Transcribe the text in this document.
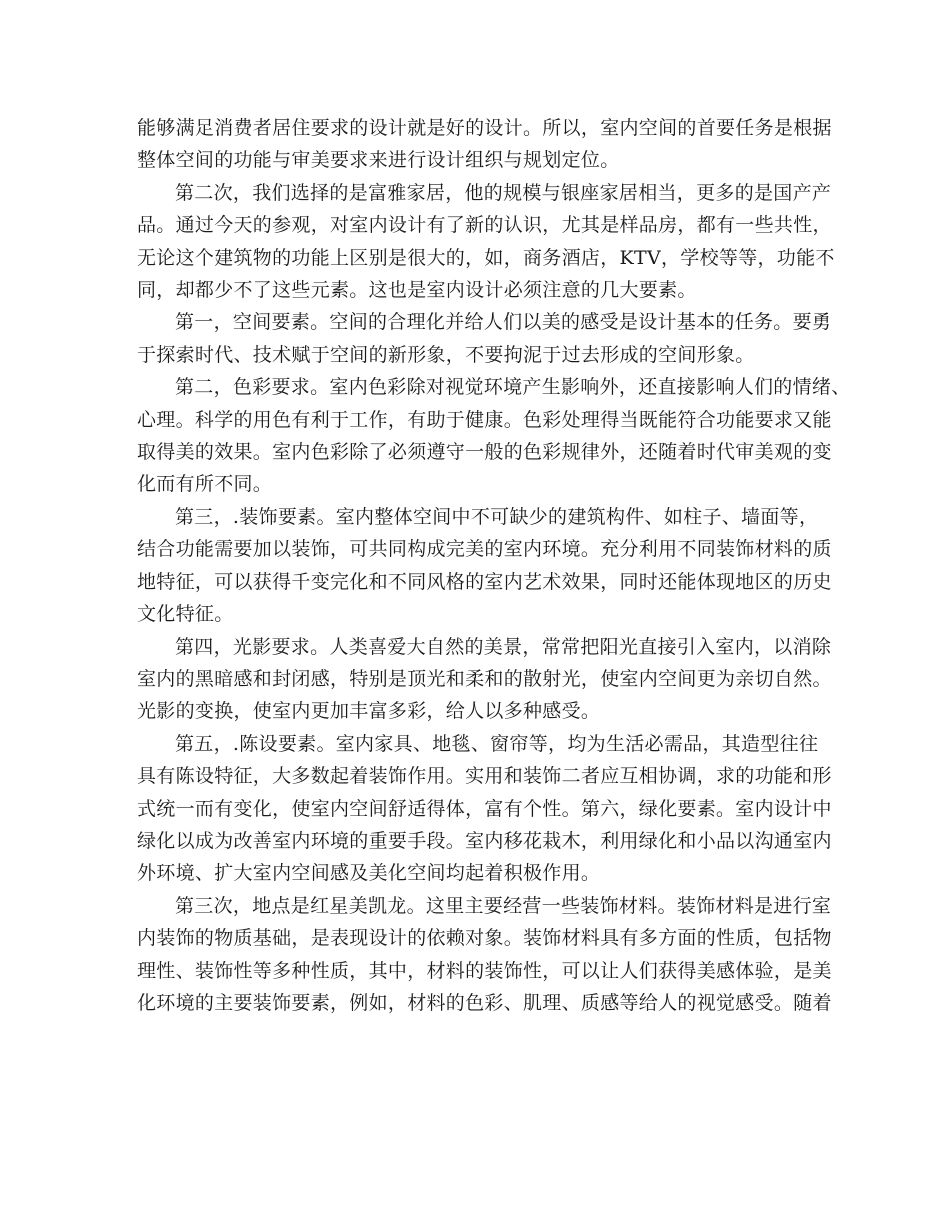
能够满足消费者居住要求的设计就是好的设计。所以，室内空间的首要任务是根据
整体空间的功能与审美要求来进行设计组织与规划定位。

第二次，我们选择的是富雅家居，他的规模与银座家居相当，更多的是国产产
品。通过今天的参观，对室内设计有了新的认识，尤其是样品房，都有一些共性，
无论这个建筑物的功能上区别是很大的，如，商务酒店，KTV，学校等等，功能不
同，却都少不了这些元素。这也是室内设计必须注意的几大要素。

第一，空间要素。空间的合理化并给人们以美的感受是设计基本的任务。要勇
于探索时代、技术赋于空间的新形象，不要拘泥于过去形成的空间形象。

第二，色彩要求。室内色彩除对视觉环境产生影响外，还直接影响人们的情绪、
心理。科学的用色有利于工作，有助于健康。色彩处理得当既能符合功能要求又能
取得美的效果。室内色彩除了必须遵守一般的色彩规律外，还随着时代审美观的变
化而有所不同。

第三，.装饰要素。室内整体空间中不可缺少的建筑构件、如柱子、墙面等，
结合功能需要加以装饰，可共同构成完美的室内环境。充分利用不同装饰材料的质
地特征，可以获得千变完化和不同风格的室内艺术效果，同时还能体现地区的历史
文化特征。

第四，光影要求。人类喜爱大自然的美景，常常把阳光直接引入室内，以消除
室内的黑暗感和封闭感，特别是顶光和柔和的散射光，使室内空间更为亲切自然。
光影的变换，使室内更加丰富多彩，给人以多种感受。

第五，.陈设要素。室内家具、地毯、窗帘等，均为生活必需品，其造型往往
具有陈设特征，大多数起着装饰作用。实用和装饰二者应互相协调，求的功能和形
式统一而有变化，使室内空间舒适得体，富有个性。第六，绿化要素。室内设计中
绿化以成为改善室内环境的重要手段。室内移花栽木，利用绿化和小品以沟通室内
外环境、扩大室内空间感及美化空间均起着积极作用。

第三次，地点是红星美凯龙。这里主要经营一些装饰材料。装饰材料是进行室
内装饰的物质基础，是表现设计的依赖对象。装饰材料具有多方面的性质，包括物
理性、装饰性等多种性质，其中，材料的装饰性，可以让人们获得美感体验，是美
化环境的主要装饰要素，例如，材料的色彩、肌理、质感等给人的视觉感受。随着
